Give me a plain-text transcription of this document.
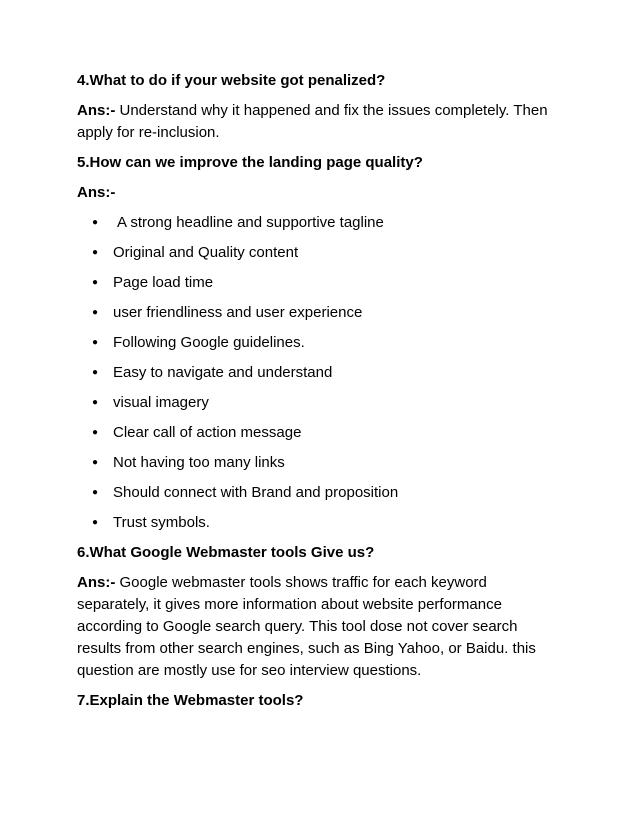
4.What to do if your website got penalized?
Ans:- Understand why it happened and fix the issues completely. Then
apply for re-inclusion.
5.How can we improve the landing page quality?
Ans:-
● A strong headline and supportive tagline
● Original and Quality content
● Page load time
● user friendliness and user experience
● Following Google guidelines.
● Easy to navigate and understand
● visual imagery
● Clear call of action message
● Not having too many links
● Should connect with Brand and proposition
● Trust symbols.
6.What Google Webmaster tools Give us?
Ans:- Google webmaster tools shows traffic for each keyword
separately, it gives more information about website performance
according to Google search query. This tool dose not cover search
results from other search engines, such as Bing Yahoo, or Baidu. this
question are mostly use for seo interview questions.
7.Explain the Webmaster tools?
